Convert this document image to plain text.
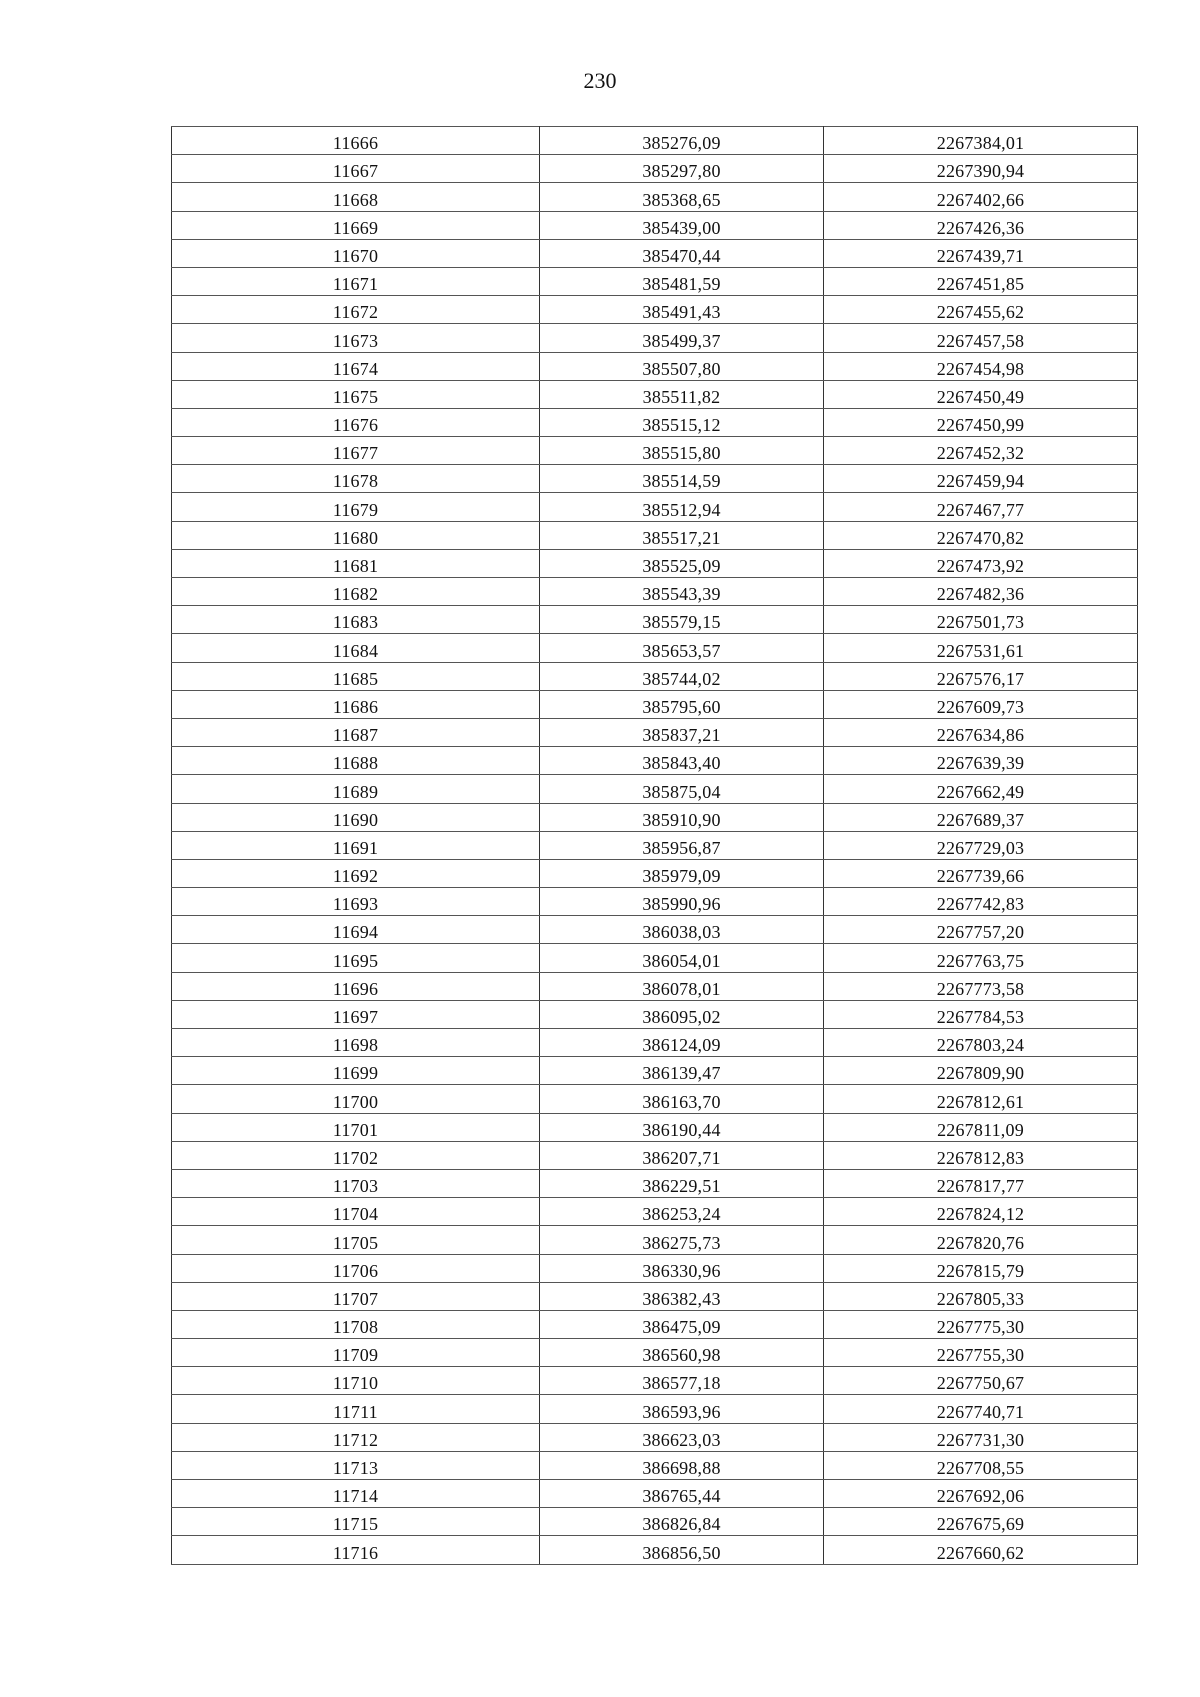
230
11666	385276,09	2267384,01
11667	385297,80	2267390,94
11668	385368,65	2267402,66
11669	385439,00	2267426,36
11670	385470,44	2267439,71
11671	385481,59	2267451,85
11672	385491,43	2267455,62
11673	385499,37	2267457,58
11674	385507,80	2267454,98
11675	385511,82	2267450,49
11676	385515,12	2267450,99
11677	385515,80	2267452,32
11678	385514,59	2267459,94
11679	385512,94	2267467,77
11680	385517,21	2267470,82
11681	385525,09	2267473,92
11682	385543,39	2267482,36
11683	385579,15	2267501,73
11684	385653,57	2267531,61
11685	385744,02	2267576,17
11686	385795,60	2267609,73
11687	385837,21	2267634,86
11688	385843,40	2267639,39
11689	385875,04	2267662,49
11690	385910,90	2267689,37
11691	385956,87	2267729,03
11692	385979,09	2267739,66
11693	385990,96	2267742,83
11694	386038,03	2267757,20
11695	386054,01	2267763,75
11696	386078,01	2267773,58
11697	386095,02	2267784,53
11698	386124,09	2267803,24
11699	386139,47	2267809,90
11700	386163,70	2267812,61
11701	386190,44	2267811,09
11702	386207,71	2267812,83
11703	386229,51	2267817,77
11704	386253,24	2267824,12
11705	386275,73	2267820,76
11706	386330,96	2267815,79
11707	386382,43	2267805,33
11708	386475,09	2267775,30
11709	386560,98	2267755,30
11710	386577,18	2267750,67
11711	386593,96	2267740,71
11712	386623,03	2267731,30
11713	386698,88	2267708,55
11714	386765,44	2267692,06
11715	386826,84	2267675,69
11716	386856,50	2267660,62
